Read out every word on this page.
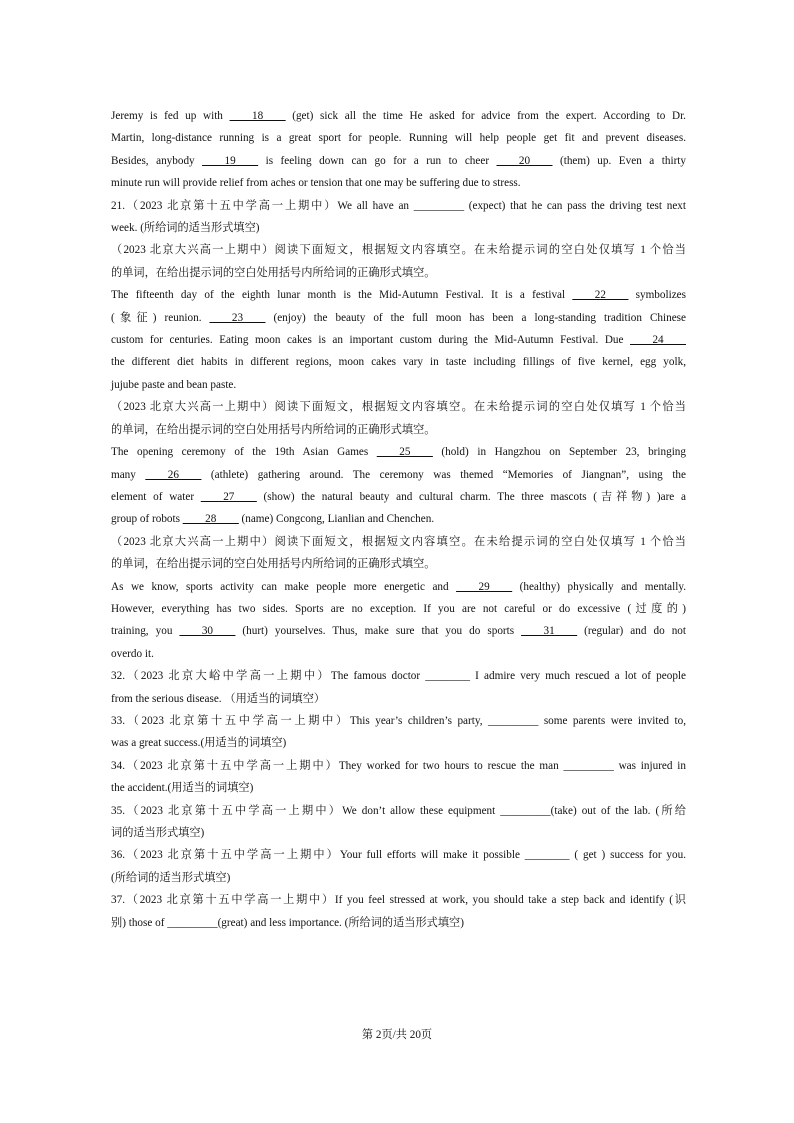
Jeremy is fed up with ____18____ (get) sick all the time He asked for advice from the expert. According to Dr.
Martin, long-distance running is a great sport for people. Running will help people get fit and prevent diseases.
Besides, anybody ____19____ is feeling down can go for a run to cheer ____20____ (them) up. Even a thirty
minute run will provide relief from aches or tension that one may be suffering due to stress.
21.（2023 北京第十五中学高一上期中）We all have an _________ (expect) that he can pass the driving test next
week. (所给词的适当形式填空)
（2023 北京大兴高一上期中）阅读下面短文，根据短文内容填空。在未给提示词的空白处仅填写 1 个恰当
的单词，在给出提示词的空白处用括号内所给词的正确形式填空。
The fifteenth day of the eighth lunar month is the Mid-Autumn Festival. It is a festival ____22____ symbolizes
(象征) reunion. ____23____ (enjoy) the beauty of the full moon has been a long-standing tradition Chinese
custom for centuries. Eating moon cakes is an important custom during the Mid-Autumn Festival. Due ____24____
the different diet habits in different regions, moon cakes vary in taste including fillings of five kernel, egg yolk,
jujube paste and bean paste.
（2023 北京大兴高一上期中）阅读下面短文，根据短文内容填空。在未给提示词的空白处仅填写 1 个恰当
的单词，在给出提示词的空白处用括号内所给词的正确形式填空。
The opening ceremony of the 19th Asian Games ____25____ (hold) in Hangzhou on September 23, bringing
many ____26____ (athlete) gathering around. The ceremony was themed “Memories of Jiangnan”, using the
element of water ____27____ (show) the natural beauty and cultural charm. The three mascots (吉祥物) )are a
group of robots ____28____ (name) Congcong, Lianlian and Chenchen.
（2023 北京大兴高一上期中）阅读下面短文，根据短文内容填空。在未给提示词的空白处仅填写 1 个恰当
的单词，在给出提示词的空白处用括号内所给词的正确形式填空。
As we know, sports activity can make people more energetic and ____29____ (healthy) physically and mentally.
However, everything has two sides. Sports are no exception. If you are not careful or do excessive (过度的)
training, you ____30____ (hurt) yourselves. Thus, make sure that you do sports ____31____ (regular) and do not
overdo it.
32.（2023 北京大峪中学高一上期中）The famous doctor ________ I admire very much rescued a lot of people
from the serious disease. （用适当的词填空）
33.（2023 北京第十五中学高一上期中）This year’s children’s party, _________ some parents were invited to,
was a great success.(用适当的词填空)
34.（2023 北京第十五中学高一上期中）They worked for two hours to rescue the man _________ was injured in
the accident.(用适当的词填空)
35.（2023 北京第十五中学高一上期中）We don’t allow these equipment _________(take) out of the lab. (所给
词的适当形式填空)
36.（2023 北京第十五中学高一上期中）Your full efforts will make it possible ________ ( get ) success for you.
(所给词的适当形式填空)
37.（2023 北京第十五中学高一上期中）If you feel stressed at work, you should take a step back and identify (识
别) those of _________(great) and less importance. (所给词的适当形式填空)
第 2页/共 20页
